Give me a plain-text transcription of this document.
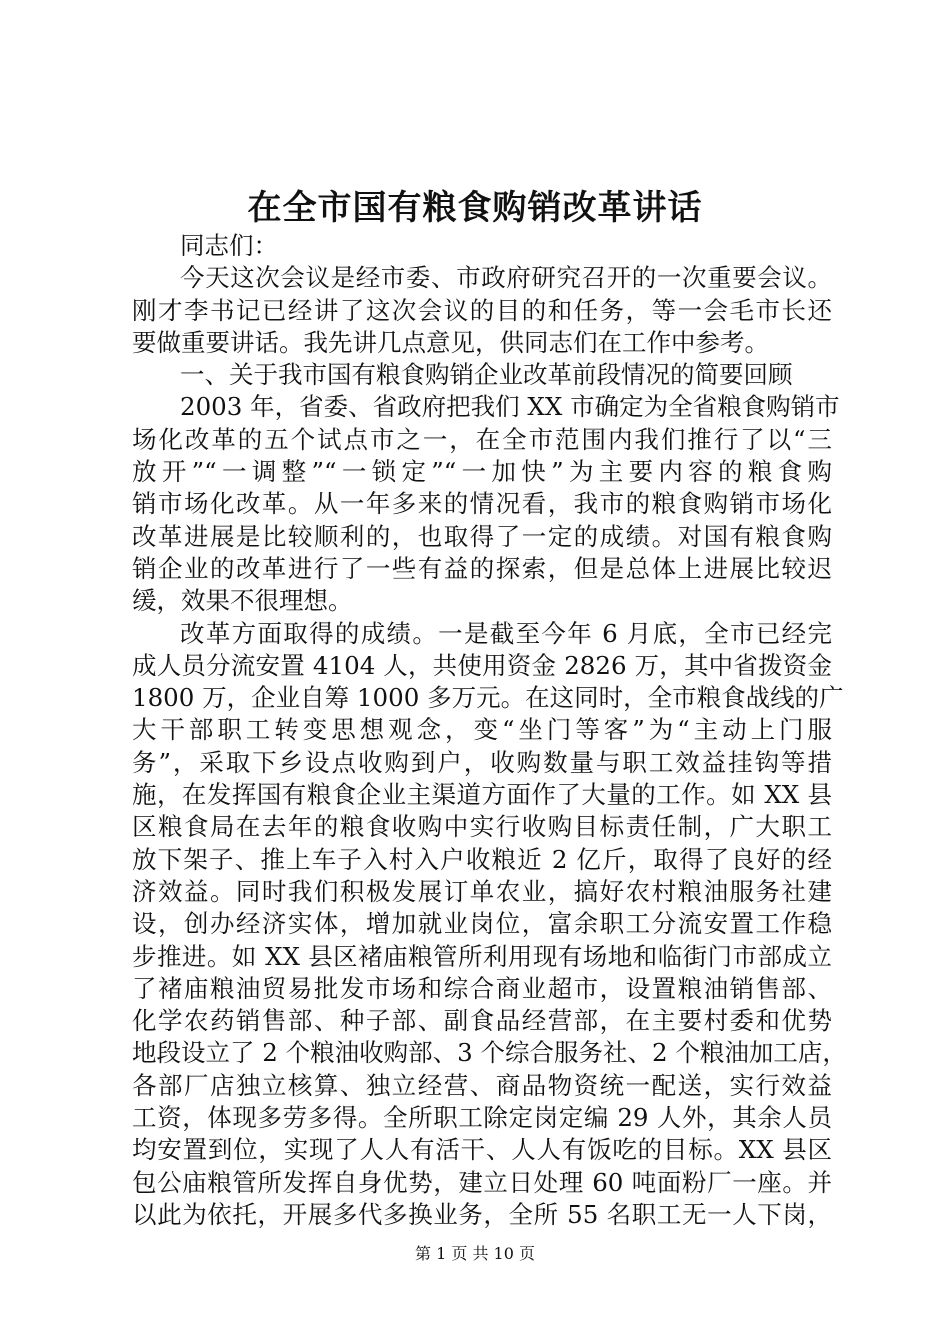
在全市国有粮食购销改革讲话
同志们：
今天这次会议是经市委、市政府研究召开的一次重要会议。
刚才李书记已经讲了这次会议的目的和任务，等一会毛市长还
要做重要讲话。我先讲几点意见，供同志们在工作中参考。
一、关于我市国有粮食购销企业改革前段情况的简要回顾
2003 年，省委、省政府把我们 XX 市确定为全省粮食购销市
场化改革的五个试点市之一，在全市范围内我们推行了以“三
放开”“一调整”“一锁定”“一加快”为主要内容的粮食购
销市场化改革。从一年多来的情况看，我市的粮食购销市场化
改革进展是比较顺利的，也取得了一定的成绩。对国有粮食购
销企业的改革进行了一些有益的探索，但是总体上进展比较迟
缓，效果不很理想。
改革方面取得的成绩。一是截至今年 6 月底，全市已经完
成人员分流安置 4104 人，共使用资金 2826 万，其中省拨资金
1800 万，企业自筹 1000 多万元。在这同时，全市粮食战线的广
大干部职工转变思想观念，变“坐门等客”为“主动上门服
务”，采取下乡设点收购到户，收购数量与职工效益挂钩等措
施，在发挥国有粮食企业主渠道方面作了大量的工作。如 XX 县
区粮食局在去年的粮食收购中实行收购目标责任制，广大职工
放下架子、推上车子入村入户收粮近 2 亿斤，取得了良好的经
济效益。同时我们积极发展订单农业，搞好农村粮油服务社建
设，创办经济实体，增加就业岗位，富余职工分流安置工作稳
步推进。如 XX 县区褚庙粮管所利用现有场地和临街门市部成立
了褚庙粮油贸易批发市场和综合商业超市，设置粮油销售部、
化学农药销售部、种子部、副食品经营部，在主要村委和优势
地段设立了 2 个粮油收购部、3 个综合服务社、2 个粮油加工店，
各部厂店独立核算、独立经营、商品物资统一配送，实行效益
工资，体现多劳多得。全所职工除定岗定编 29 人外，其余人员
均安置到位，实现了人人有活干、人人有饭吃的目标。XX 县区
包公庙粮管所发挥自身优势，建立日处理 60 吨面粉厂一座。并
以此为依托，开展多代多换业务，全所 55 名职工无一人下岗，
第 1 页 共 10 页
